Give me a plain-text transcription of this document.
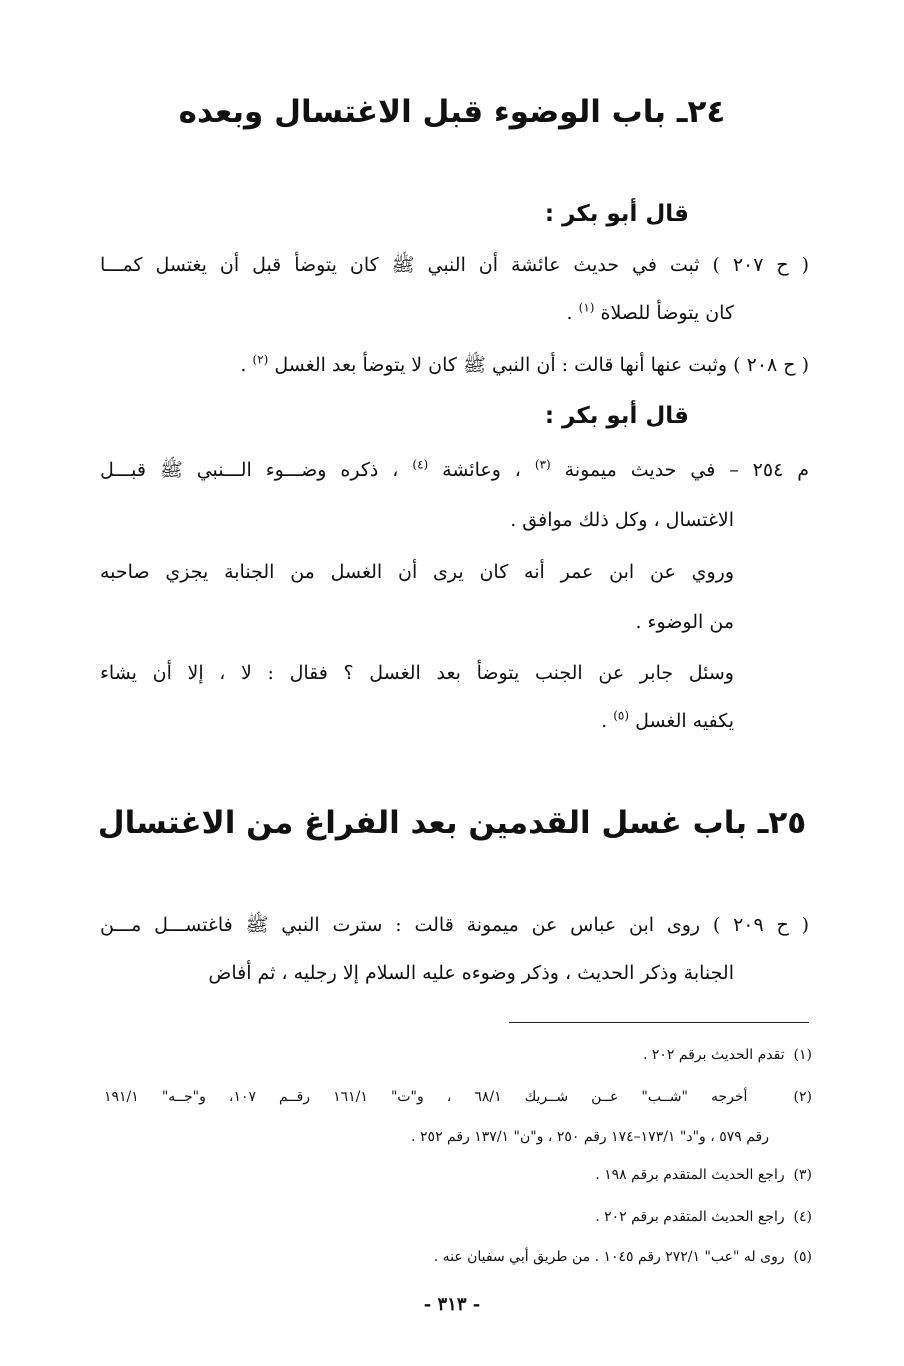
٢٤ـ باب الوضوء قبل الاغتسال وبعده
قال أبو بكر :
( ح ٢٠٧ ) ثبت في حديث عائشة أن النبي ﷺ كان يتوضأ قبل أن يغتسل كمـــا
كان يتوضأ للصلاة $^{(١)}$ .
( ح ٢٠٨ ) وثبت عنها أنها قالت : أن النبي ﷺ كان لا يتوضأ بعد الغسل $^{(٢)}$ .
قال أبو بكر :
م ٢٥٤ – في حديث ميمونة $^{(٣)}$ ، وعائشة $^{(٤)}$ ، ذكره وضـــوء الـــنبي ﷺ قبـــل
الاغتسال ، وكل ذلك موافق .
وروي عن ابن عمر أنه كان يرى أن الغسل من الجنابة يجزي صاحبه
من الوضوء .
وسئل جابر عن الجنب يتوضأ بعد الغسل ؟ فقال : لا ، إلا أن يشاء
يكفيه الغسل $^{(٥)}$ .
٢٥ـ باب غسل القدمين بعد الفراغ من الاغتسال
( ح ٢٠٩ ) روى ابن عباس عن ميمونة قالت : سترت النبي ﷺ فاغتســـل مـــن
الجنابة وذكر الحديث ، وذكر وضوءه عليه السلام إلا رجليه ، ثم أفاض
(١)  تقدم الحديث برقم ٢٠٢ .
(٢)  أخرجه "شــب" عــن شــريك ٦٨/١ ، و"ت" ١٦١/١ رقــم ١٠٧، و"جــه" ١٩١/١
رقم ٥٧٩ ، و"د" ١٧٣/١–١٧٤ رقم ٢٥٠ ، و"ن" ١٣٧/١ رقم ٢٥٢ .
(٣)  راجع الحديث المتقدم برقم ١٩٨ .
(٤)  راجع الحديث المتقدم برقم ٢٠٢ .
(٥)  روى له "عب" ٢٧٢/١ رقم ١٠٤٥ . من طريق أبي سفيان عنه .
- ٣١٣ -
